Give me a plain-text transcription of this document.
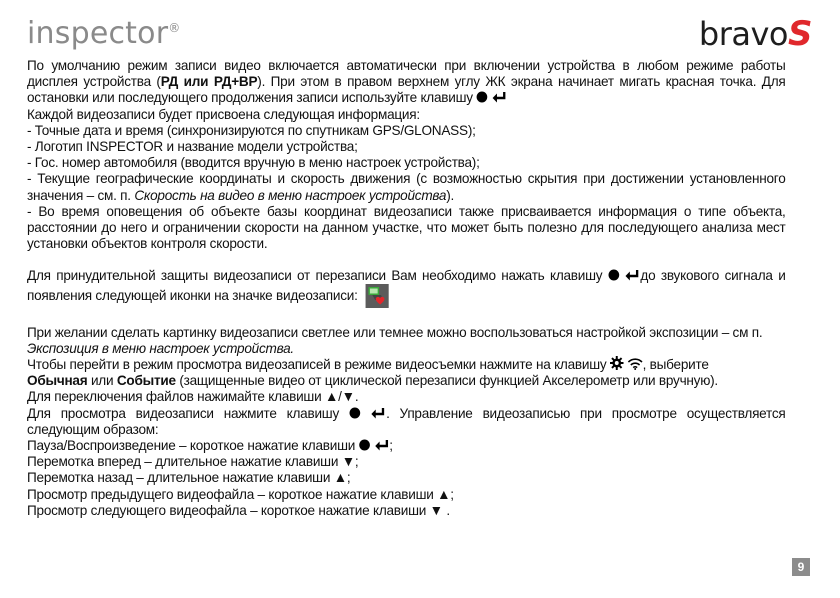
inspector®	bravoS

По умолчанию режим записи видео включается автоматически при включении устройства в любом режиме работы дисплея устройства (РД или РД+ВР). При этом в правом верхнем углу ЖК экрана начинает мигать красная точка. Для остановки или последующего продолжения записи используйте клавишу

Каждой видеозаписи будет присвоена следующая информация:

- Точные дата и время (синхронизируются по спутникам GPS/GLONASS);

- Логотип INSPECTOR и название модели устройства;

- Гос. номер автомобиля (вводится вручную в меню настроек устройства);

- Текущие географические координаты и скорость движения (с возможностью скрытия при достижении установленного значения – см. п. Скорость на видео в меню настроек устройства).

- Во время оповещения об объекте базы координат видеозаписи также присваивается информация о типе объекта, расстоянии до него и ограничении скорости на данном участке, что может быть полезно для последующего анализа мест установки объектов контроля скорости.

Для принудительной защиты видеозаписи от перезаписи Вам необходимо нажать клавишу	до звукового сигнала и появления следующей иконки на значке видеозаписи:

При желании сделать картинку видеозаписи светлее или темнее можно воспользоваться настройкой экспозиции – см п.

Экспозиция в меню настроек устройства.

Чтобы перейти в режим просмотра видеозаписей в режиме видеосъемки нажмите на клавишу	, выберите

Обычная или Событие (защищенные видео от циклической перезаписи функцией Акселерометр или вручную).

Для переключения файлов нажимайте клавиши ▲/▼.

Для просмотра видеозаписи нажмите клавишу	. Управление видеозаписью при просмотре осуществляется следующим образом:

Пауза/Воспроизведение – короткое нажатие клавиши ;

Перемотка вперед – длительное нажатие клавиши ▼;

Перемотка назад – длительное нажатие клавиши ▲;

Просмотр предыдущего видеофайла – короткое нажатие клавиши ▲;

Просмотр следующего видеофайла – короткое нажатие клавиши ▼ .

9
